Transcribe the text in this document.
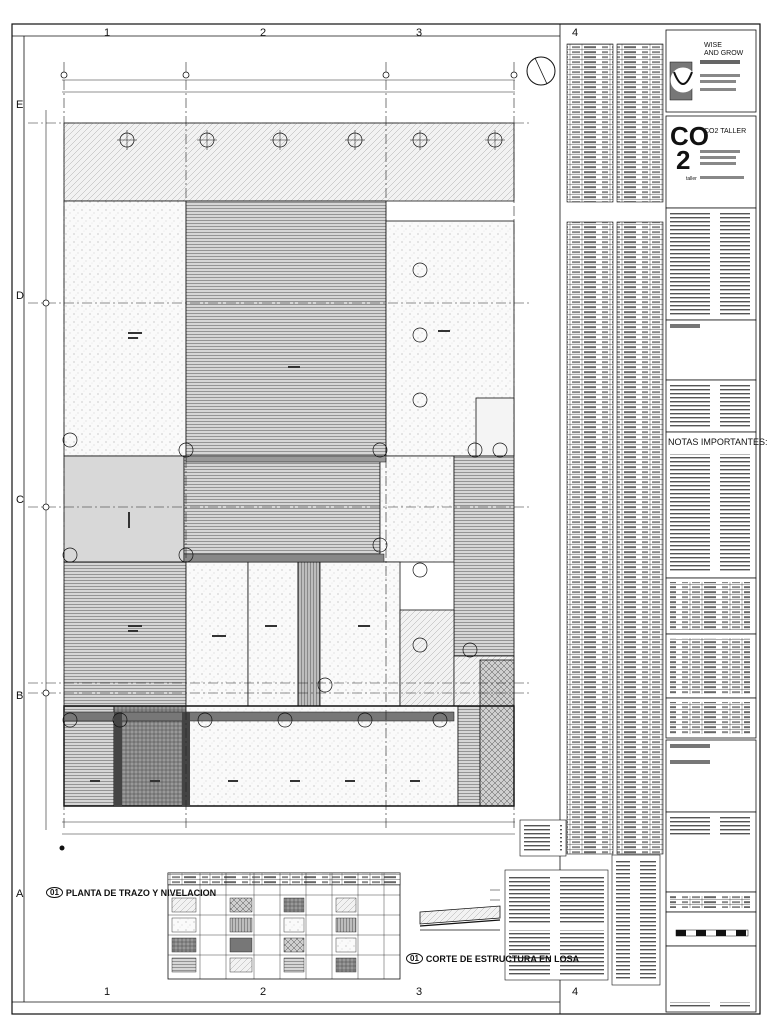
1	2	3	4
1	2	3	4
E
D
C
B
A	01 PLANTA DE TRAZO Y NIVELACION
01 CORTE DE ESTRUCTURA EN LOSA
WISE
AND GROW
CO
2
taller
CO2 TALLER
NOTAS IMPORTANTES:
